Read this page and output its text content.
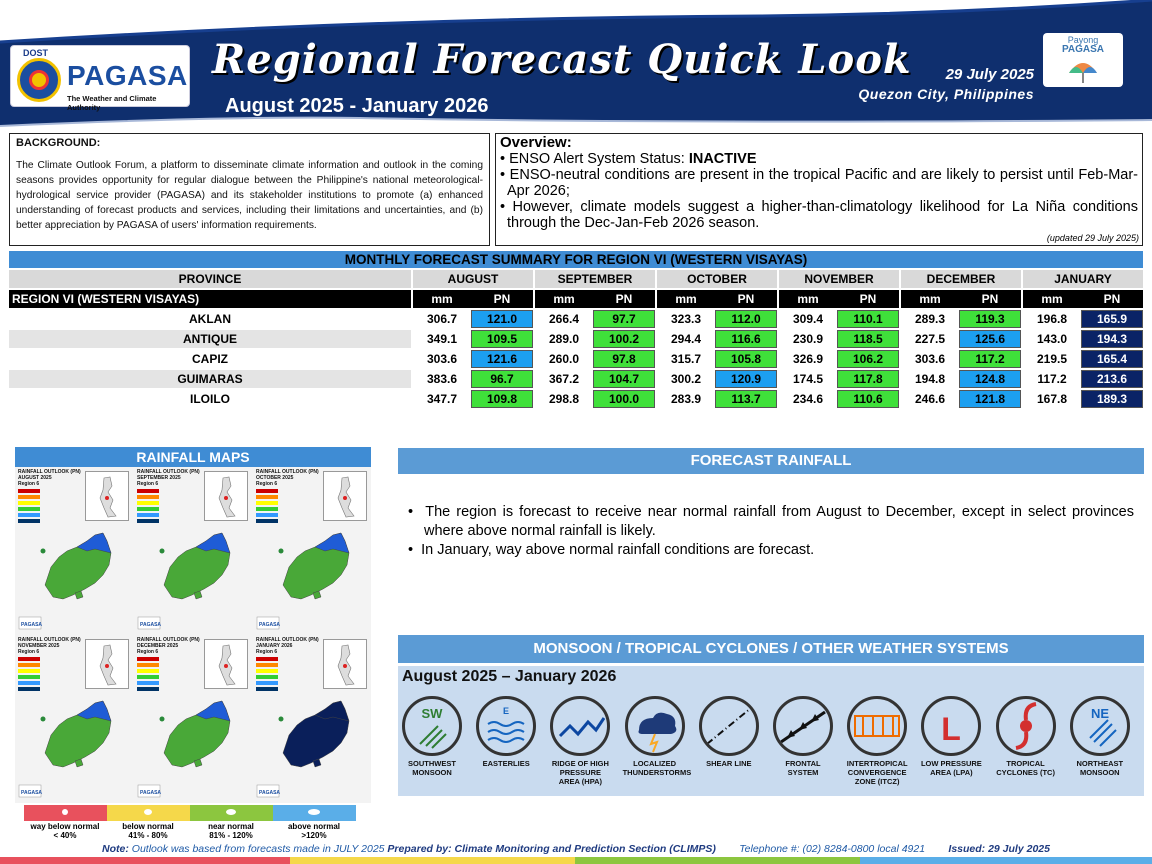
DOST
PAGASA
The Weather and Climate Authority
Regional Forecast Quick Look
August 2025 - January 2026
29 July 2025
Quezon City, Philippines
Payong
PAGASA
BACKGROUND:
The Climate Outlook Forum, a platform to disseminate climate information and outlook in the coming seasons provides opportunity for regular dialogue between the Philippine's national meteorological-hydrological service provider (PAGASA) and its stakeholder institutions to promote (a) enhanced understanding of forecast products and services, including their limitations and uncertainties, and (b) better appreciation by PAGASA of users' information requirements.
Overview:
• ENSO Alert System Status: INACTIVE
• ENSO-neutral conditions are present in the tropical Pacific and are likely to persist until Feb-Mar-Apr 2026;
• However, climate models suggest a higher-than-climatology likelihood for La Niña conditions through the Dec-Jan-Feb 2026 season.
(updated 29 July 2025)
MONTHLY FORECAST SUMMARY FOR REGION VI (WESTERN VISAYAS)
PROVINCE		AUGUST			SEPTEMBER			OCTOBER			NOVEMBER			DECEMBER			JANUARY	
REGION VI (WESTERN VISAYAS)		mm	PN		mm	PN		mm	PN		mm	PN		mm	PN		mm	PN
AKLAN		306.7	121.0		266.4	97.7		323.3	112.0		309.4	110.1		289.3	119.3		196.8	165.9
ANTIQUE		349.1	109.5		289.0	100.2		294.4	116.6		230.9	118.5		227.5	125.6		143.0	194.3
CAPIZ		303.6	121.6		260.0	97.8		315.7	105.8		326.9	106.2		303.6	117.2		219.5	165.4
GUIMARAS		383.6	96.7		367.2	104.7		300.2	120.9		174.5	117.8		194.8	124.8		117.2	213.6
ILOILO		347.7	109.8		298.8	100.0		283.9	113.7		234.6	110.6		246.6	121.8		167.8	189.3
RAINFALL MAPS
RAINFALL OUTLOOK (PN)
AUGUST 2025
Region 6
PAGASA
RAINFALL OUTLOOK (PN)
SEPTEMBER 2025
Region 6
PAGASA
RAINFALL OUTLOOK (PN)
OCTOBER 2025
Region 6
PAGASA
RAINFALL OUTLOOK (PN)
NOVEMBER 2025
Region 6
PAGASA
RAINFALL OUTLOOK (PN)
DECEMBER 2025
Region 6
PAGASA
RAINFALL OUTLOOK (PN)
JANUARY 2026
Region 6
PAGASA
way below normal
< 40%
below normal
41% - 80%
near normal
81% - 120%
above normal
>120%
FORECAST RAINFALL
•  The region is forecast to receive near normal rainfall from August to December, except in select provinces where above normal rainfall is likely.
•  In January, way above normal rainfall conditions are forecast.
MONSOON / TROPICAL CYCLONES / OTHER WEATHER SYSTEMS
August 2025 – January 2026
SW
SOUTHWEST MONSOON
E
EASTERLIES	RIDGE OF HIGH PRESSURE AREA (HPA)
LOCALIZED THUNDERSTORMS
SHEAR LINE	FRONTAL SYSTEM
INTERTROPICAL CONVERGENCE ZONE (ITCZ)
L
LOW PRESSURE AREA (LPA)
TROPICAL CYCLONES (TC)
NE
NORTHEAST MONSOON
Note: Outlook was based from forecasts made in JULY 2025 Prepared by: Climate Monitoring and Prediction Section (CLIMPS) Telephone #: (02) 8284-0800 local 4921 Issued: 29 July 2025
